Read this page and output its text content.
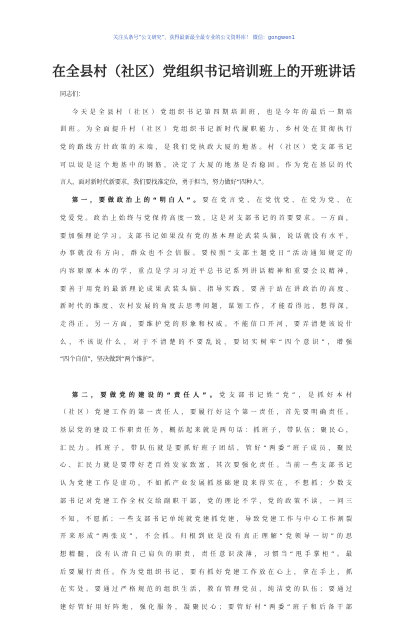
关注头条号“公文研究”，获得最新最全最专业的公文资料库！ 微信：gongwen1
在全县村（社区）党组织书记培训班上的开班讲话
同志们：
今天是全县村（社区）党组织书记第四期培训班，也是今年的最后一期培
训班。为全面提升村（社区）党组织书记新时代履职能力，乡村处在贯彻执行
党的路线方针政策的末端，是我们党执政大厦的地基。村（社区）党支部书记
可以说是这个地基中的钢筋，决定了大厦的地基是否稳固。作为党在基层的代
言人，面对新时代新要求，我们要找准定位，勇于担当，努力做好“四种人”。
第一，要做政治上的“明白人”。要在党言党、在党忧党、在党为党、在
党爱党。政治上始终与党保持高度一致，这是对支部书记的首要要求。一方面，
要加强理论学习。支部书记如果没有党的基本理论武装头脑，说话就没有水平，
办事就没有方向，群众也不会信服。要按照“支部主题党日”活动通知规定的
内容原原本本的学，重点是学习习近平总书记系列讲话精神和重要会议精神，
要善于用党的最新理论成果武装头脑、指导实践，要善于站在讲政治的高度、
新时代的维度、农村发展的角度去思考问题，谋划工作，才能看得远，想得深，
走得正。另一方面，要维护党的形象和权威。不能信口开河，要弄清楚该说什
么，不该说什么，对于不清楚的不要乱说，要切实树牢“四个意识”，增强
“四个自信”，坚决做到“两个维护”。
第二，要做党的建设的“责任人”。党支部书记姓“党”，是抓好本村
（社区）党建工作的第一责任人，要履行好这个第一责任，首先要明确责任。
基层党的建设工作职责任务，概括起来就是两句话：抓班子，带队伍；聚民心，
汇民力。抓班子，带队伍就是要抓好班子团结，管好“两委”班子成员，聚民
心、汇民力就是要带好老百姓发家致富，其次要强化责任。当前一些支部书记
认为党建工作是虚功，不如抓产业发展抓基础建设来得实在，不想抓；少数支
部书记对党建工作全权交给副职干部，党的理论不学，党的政策不读，一问三
不知，不愿抓；一些支部书记单纯就党建抓党建，导致党建工作与中心工作割裂
开来形成“两张皮”，不会抓。归根到底是没有真正理解“党领导一切”的思
想精髓，没有认清自己肩负的职责，责任意识淡薄，习惯当“甩手掌柜”。最
后要履行责任。作为党组织书记，要有抓好党建工作放在心上，拿在手上，抓
在实处。要通过严格规范的组织生活，教育管理党员，纯洁党的队伍；要通过
建好管好用好阵地，强化服务，凝聚民心；要管好村“两委”班子和后备干部
